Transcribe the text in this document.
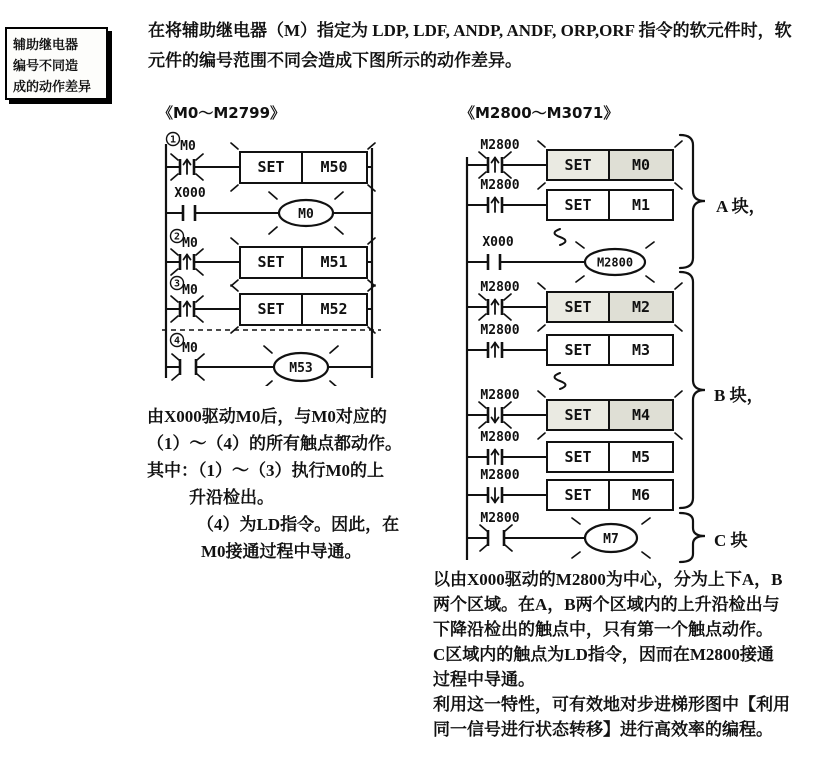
辅助继电器
编号不同造
成的动作差异
在将辅助继电器（M）指定为 LDP, LDF, ANDP, ANDF, ORP,ORF 指令的软元件时，软
元件的编号范围不同会造成下图所示的动作差异。
《M0～M2799》	《M2800～M3071》
1 M0
SET M50
X000
M0
2 M0
SET M51
3 M0
SET M52
4 M0
M53
M2800
SET	M0
M2800
SET	M1
X000
M2800
M2800
SET	M2
M2800
SET	M3
M2800
SET	M4
M2800
SET	M5
M2800
SET	M6
M2800
M7
A 块，
B 块，
C 块
由X000驱动M0后，与M0对应的
（1）～（4）的所有触点都动作。
其中：（1）～（3）执行M0的上
升沿检出。
（4）为LD指令。因此，在
M0接通过程中导通。
以由X000驱动的M2800为中心，分为上下A，B
两个区域。在A，B两个区域内的上升沿检出与
下降沿检出的触点中，只有第一个触点动作。
C区域内的触点为LD指令，因而在M2800接通
过程中导通。
利用这一特性，可有效地对步进梯形图中【利用
同一信号进行状态转移】进行高效率的编程。
